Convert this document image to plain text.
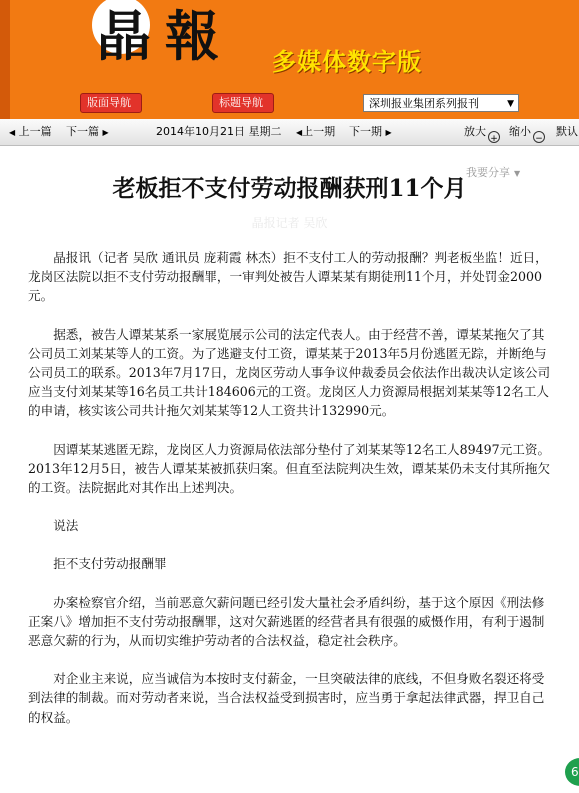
晶 報 多媒体数字版
版面导航	标题导航	深圳报业集团系列报刊	▼
◀ 上一篇 下一篇 ▶	2014年10月21日 星期二 ◀上一期 下一期 ▶	放大
+
缩小
−
默认
我要分享 ▼
老板拒不支付劳动报酬获刑11个月
晶报记者 吴欣

晶报讯（记者 吴欣 通讯员 庞莉霞 林杰）拒不支付工人的劳动报酬？判老板坐监！近日，龙岗区法院以拒不支付劳动报酬罪，一审判处被告人谭某某有期徒刑11个月，并处罚金2000元。

据悉，被告人谭某某系一家展览展示公司的法定代表人。由于经营不善，谭某某拖欠了其公司员工刘某某等人的工资。为了逃避支付工资，谭某某于2013年5月份逃匿无踪，并断绝与公司员工的联系。2013年7月17日，龙岗区劳动人事争议仲裁委员会依法作出裁决认定该公司应当支付刘某某等16名员工共计184606元的工资。龙岗区人力资源局根据刘某某等12名工人的申请，核实该公司共计拖欠刘某某等12人工资共计132990元。

因谭某某逃匿无踪，龙岗区人力资源局依法部分垫付了刘某某等12名工人89497元工资。2013年12月5日，被告人谭某某被抓获归案。但直至法院判决生效，谭某某仍未支付其所拖欠的工资。法院据此对其作出上述判决。

说法

拒不支付劳动报酬罪

办案检察官介绍，当前恶意欠薪问题已经引发大量社会矛盾纠纷，基于这个原因《刑法修正案八》增加拒不支付劳动报酬罪，这对欠薪逃匿的经营者具有很强的威慑作用，有利于遏制恶意欠薪的行为，从而切实维护劳动者的合法权益，稳定社会秩序。

对企业主来说，应当诚信为本按时支付薪金，一旦突破法律的底线，不但身败名裂还将受到法律的制裁。而对劳动者来说，当合法权益受到损害时，应当勇于拿起法律武器，捍卫自己的权益。

6
